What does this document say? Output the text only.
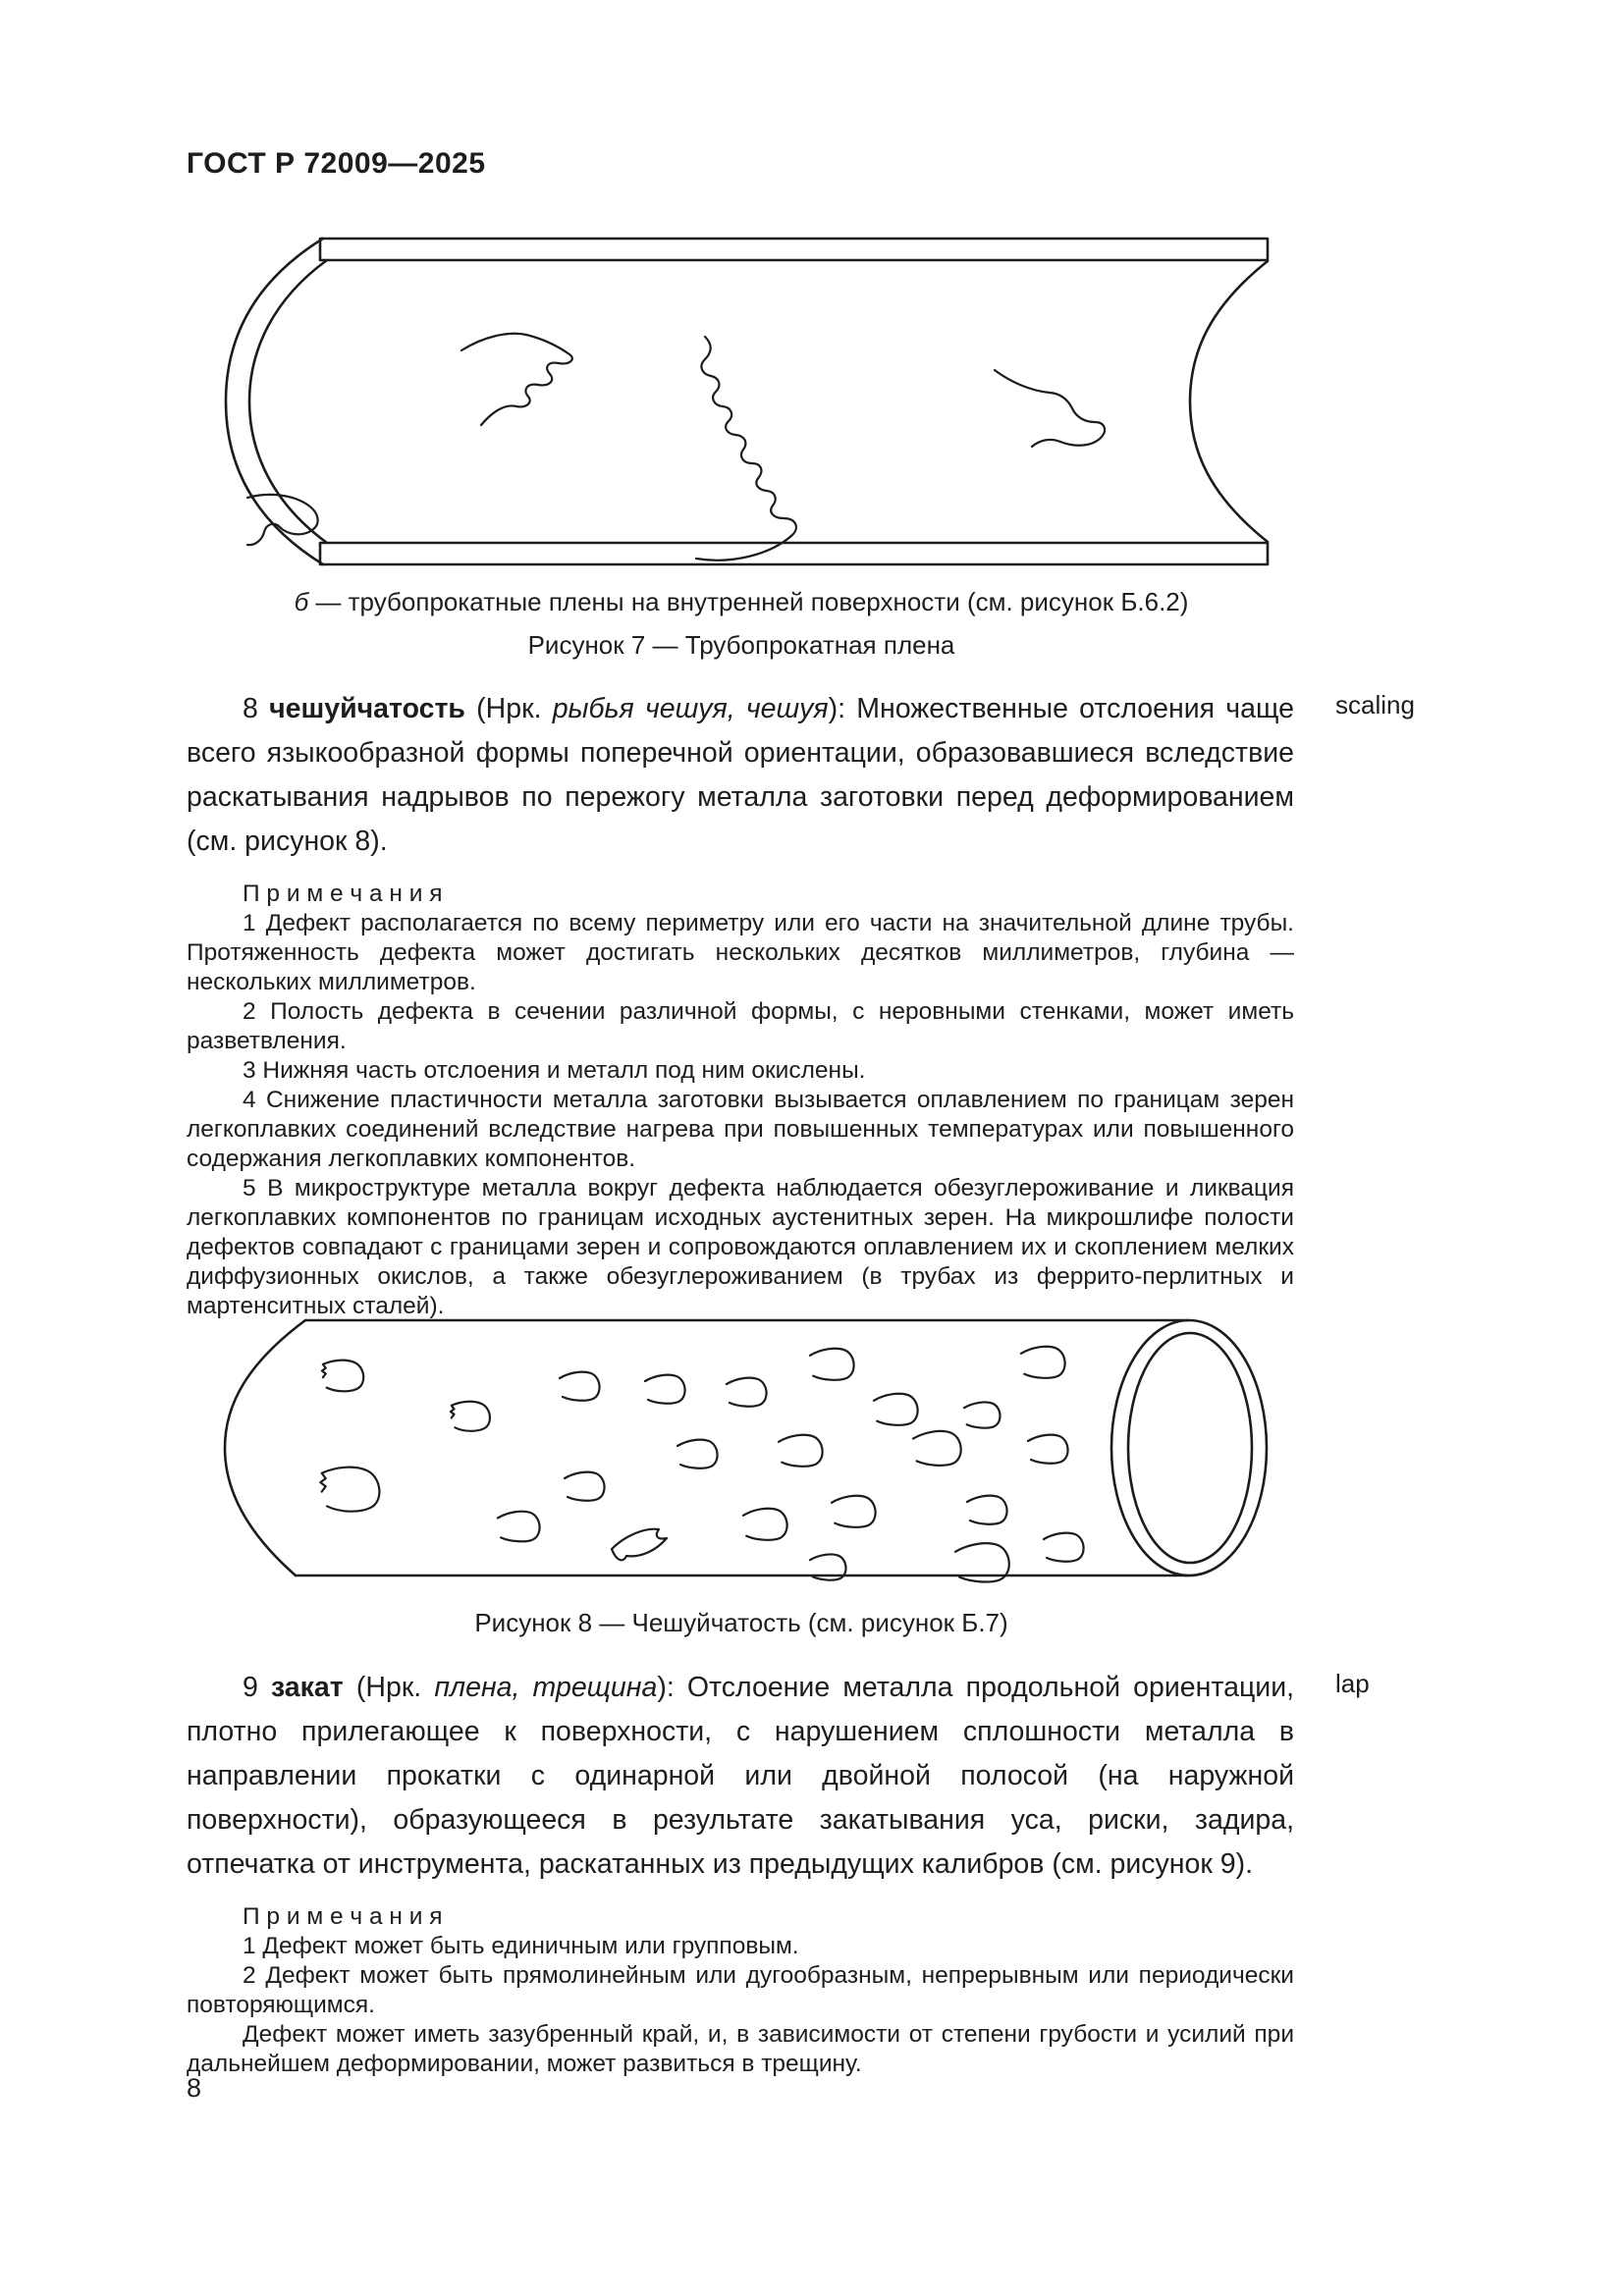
ГОСТ Р 72009—2025
б — трубопрокатные плены на внутренней поверхности (см. рисунок Б.6.2)
Рисунок 7 — Трубопрокатная плена

8 чешуйчатость (Нрк. рыбья чешуя, чешуя): Множественные отслоения чаще всего языкообразной формы поперечной ориентации, образовавшиеся вследствие раскатывания надрывов по пережогу металла заготовки перед деформированием (см. рисунок 8).

П р и м е ч а н и я

1 Дефект располагается по всему периметру или его части на значительной длине трубы. Протяженность дефекта может достигать нескольких десятков миллиметров, глубина — нескольких миллиметров.

2 Полость дефекта в сечении различной формы, с неровными стенками, может иметь разветвления.

3 Нижняя часть отслоения и металл под ним окислены.

4 Снижение пластичности металла заготовки вызывается оплавлением по границам зерен легкоплавких соединений вследствие нагрева при повышенных температурах или повышенного содержания легкоплавких компонентов.

5 В микроструктуре металла вокруг дефекта наблюдается обезуглероживание и ликвация легкоплавких компонентов по границам исходных аустенитных зерен. На микрошлифе полости дефектов совпадают с границами зерен и сопровождаются оплавлением их и скоплением мелких диффузионных окислов, а также обезуглероживанием (в трубах из феррито-перлитных и мартенситных сталей).

scaling
Рисунок 8 — Чешуйчатость (см. рисунок Б.7)

9 закат (Нрк. плена, трещина): Отслоение металла продольной ориентации, плотно прилегающее к поверхности, с нарушением сплошности металла в направлении прокатки с одинарной или двойной полосой (на наружной поверхности), образующееся в результате закатывания уса, риски, задира, отпечатка от инструмента, раскатанных из предыдущих калибров (см. рисунок 9).

П р и м е ч а н и я

1 Дефект может быть единичным или групповым.

2 Дефект может быть прямолинейным или дугообразным, непрерывным или периодически повторяющимся.

Дефект может иметь зазубренный край, и, в зависимости от степени грубости и усилий при дальнейшем деформировании, может развиться в трещину.

lap
8
